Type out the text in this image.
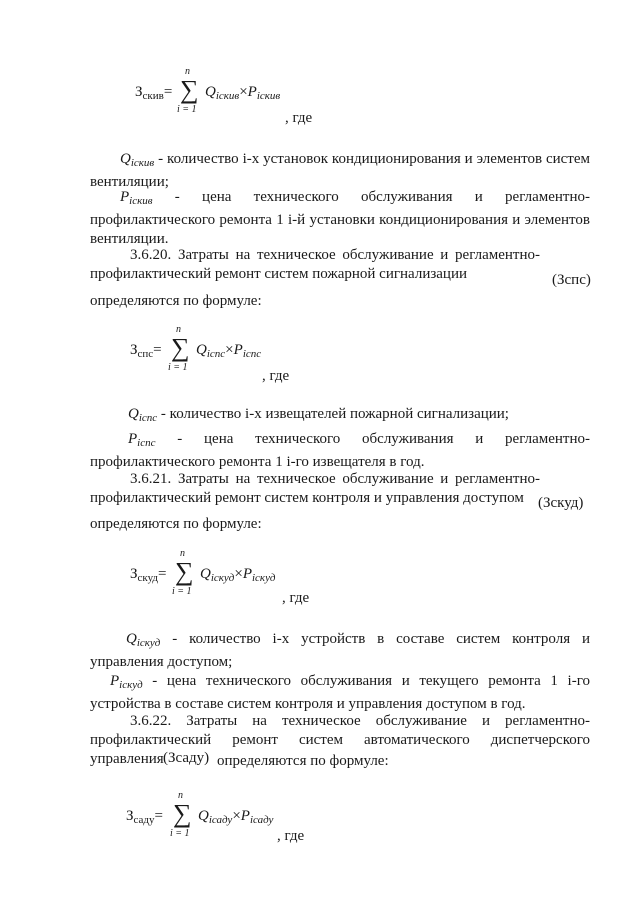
$З_{скив}=$
n
∑
i = 1
$Q_{iскив}\times P_{iскив}$
, где
$Q_{iскив}$ - количество i-х установок кондиционирования и элементов систем вентиляции;
$P_{iскив}$ - цена технического обслуживания и регламентно-профилактического ремонта 1 i-й установки кондиционирования и элементов вентиляции.
3.6.20. Затраты на техническое обслуживание и регламентно-профилактический ремонт систем пожарной сигнализации	(Зспс)
определяются по формуле:
$З_{спс}=$
n
∑
i = 1
$Q_{iспс}\times P_{iспс}$
, где
$Q_{iспс}$ - количество i-х извещателей пожарной сигнализации;
$P_{iспс}$ - цена технического обслуживания и регламентно-профилактического ремонта 1 i-го извещателя в год.
3.6.21. Затраты на техническое обслуживание и регламентно-профилактический ремонт систем контроля и управления доступом (Зскуд)
определяются по формуле:
$З_{скуд}=$
n
∑
i = 1
$Q_{iскуд}\times P_{iскуд}$
, где
$Q_{iскуд}$ - количество i-х устройств в составе систем контроля и управления доступом;
$P_{iскуд}$ - цена технического обслуживания и текущего ремонта 1 i-го устройства в составе систем контроля и управления доступом в год.
3.6.22. Затраты на техническое обслуживание и регламентно-профилактический ремонт систем автоматического диспетчерского управления (Зсаду) определяются по формуле:
$З_{саду}=$
n
∑
i = 1
$Q_{iсаду}\times P_{iсаду}$
, где
